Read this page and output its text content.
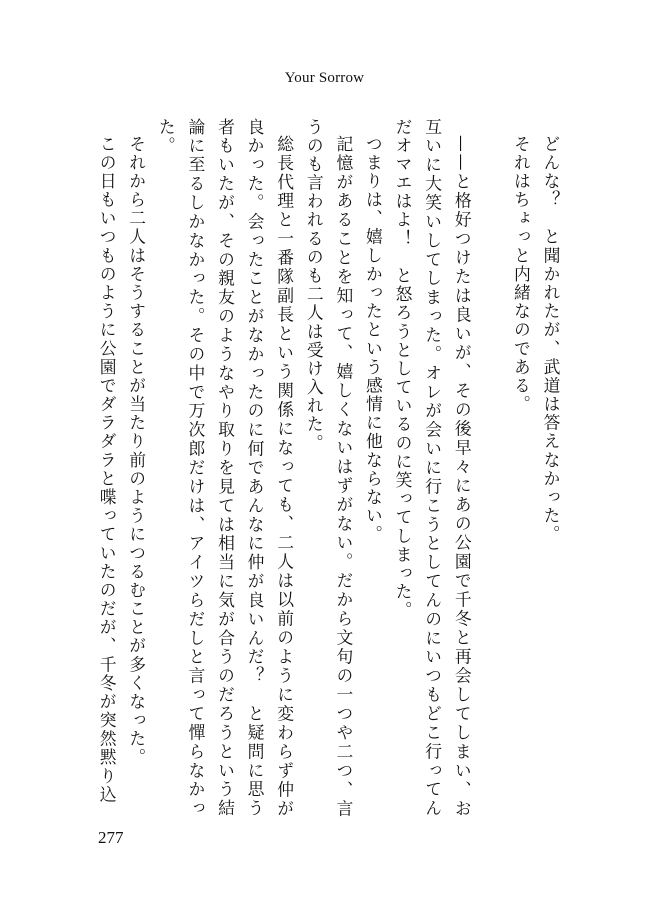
Your Sorrow

どんな？　と聞かれたが、武道は答えなかった。

それはちょっと内緒なのである。

——と格好つけたは良いが、その後早々にあの公園で千冬と再会してしまい、お互いに大笑いしてしまった。オレが会いに行こうとしてんのにいつもどこ行ってんだオマエはよ！　と怒ろうとしているのに笑ってしまった。

つまりは、嬉しかったという感情に他ならない。

記憶があることを知って、嬉しくないはずがない。だから文句の一つや二つ、言うのも言われるのも二人は受け入れた。

総長代理と一番隊副長という関係になっても、二人は以前のように変わらず仲が良かった。会ったことがなかったのに何であんなに仲が良いんだ？　と疑問に思う者もいたが、その親友のようなやり取りを見ては相当に気が合うのだろうという結論に至るしかなかった。その中で万次郎だけは、アイツらだしと言って憚らなかった。

それから二人はそうすることが当たり前のようにつるむことが多くなった。

この日もいつものように公園でダラダラと喋っていたのだが、千冬が突然黙り込

277
